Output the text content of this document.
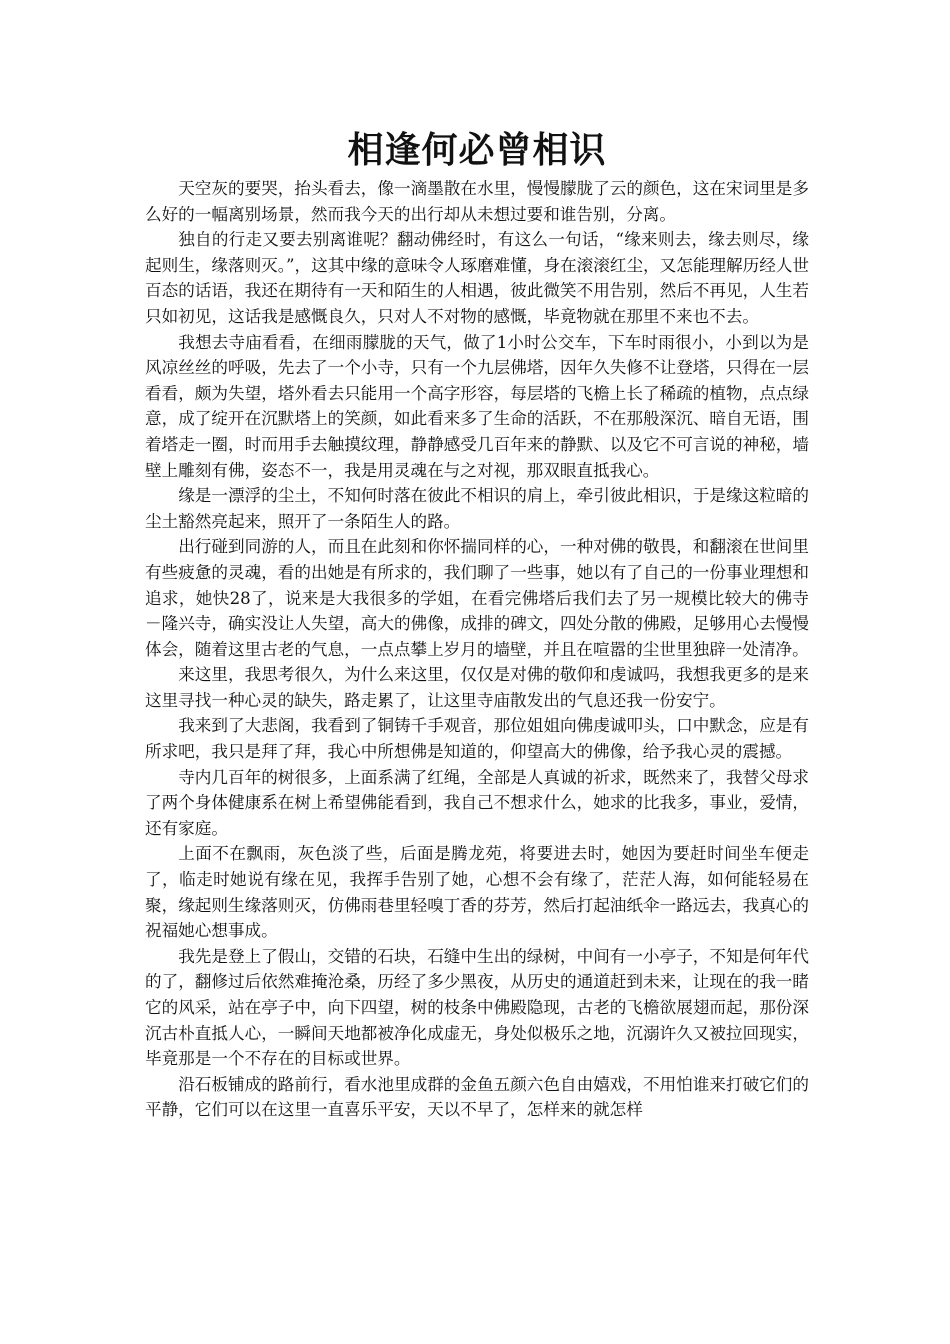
相逢何必曾相识

天空灰的要哭，抬头看去，像一滴墨散在水里，慢慢朦胧了云的颜色，这在宋词里是多么好的一幅离别场景，然而我今天的出行却从未想过要和谁告别，分离。

独自的行走又要去别离谁呢？翻动佛经时，有这么一句话，“缘来则去，缘去则尽，缘起则生，缘落则灭。”，这其中缘的意味令人琢磨难懂，身在滚滚红尘，又怎能理解历经人世百态的话语，我还在期待有一天和陌生的人相遇，彼此微笑不用告别，然后不再见，人生若只如初见，这话我是感慨良久，只对人不对物的感慨，毕竟物就在那里不来也不去。

我想去寺庙看看，在细雨朦胧的天气，做了1小时公交车，下车时雨很小，小到以为是风凉丝丝的呼吸，先去了一个小寺，只有一个九层佛塔，因年久失修不让登塔，只得在一层看看，颇为失望，塔外看去只能用一个高字形容，每层塔的飞檐上长了稀疏的植物，点点绿意，成了绽开在沉默塔上的笑颜，如此看来多了生命的活跃，不在那般深沉、暗自无语，围着塔走一圈，时而用手去触摸纹理，静静感受几百年来的静默、以及它不可言说的神秘，墙壁上雕刻有佛，姿态不一，我是用灵魂在与之对视，那双眼直抵我心。

缘是一漂浮的尘土，不知何时落在彼此不相识的肩上，牵引彼此相识，于是缘这粒暗的尘土豁然亮起来，照开了一条陌生人的路。

出行碰到同游的人，而且在此刻和你怀揣同样的心，一种对佛的敬畏，和翻滚在世间里有些疲惫的灵魂，看的出她是有所求的，我们聊了一些事，她以有了自己的一份事业理想和追求，她快28了，说来是大我很多的学姐，在看完佛塔后我们去了另一规模比较大的佛寺－隆兴寺，确实没让人失望，高大的佛像，成排的碑文，四处分散的佛殿，足够用心去慢慢体会，随着这里古老的气息，一点点攀上岁月的墙壁，并且在喧嚣的尘世里独辟一处清净。

来这里，我思考很久，为什么来这里，仅仅是对佛的敬仰和虔诚吗，我想我更多的是来这里寻找一种心灵的缺失，路走累了，让这里寺庙散发出的气息还我一份安宁。

我来到了大悲阁，我看到了铜铸千手观音，那位姐姐向佛虔诚叩头，口中默念，应是有所求吧，我只是拜了拜，我心中所想佛是知道的，仰望高大的佛像，给予我心灵的震撼。

寺内几百年的树很多，上面系满了红绳，全部是人真诚的祈求，既然来了，我替父母求了两个身体健康系在树上希望佛能看到，我自己不想求什么，她求的比我多，事业，爱情，还有家庭。

上面不在飘雨，灰色淡了些，后面是腾龙苑，将要进去时，她因为要赶时间坐车便走了，临走时她说有缘在见，我挥手告别了她，心想不会有缘了，茫茫人海，如何能轻易在聚，缘起则生缘落则灭，仿佛雨巷里轻嗅丁香的芬芳，然后打起油纸伞一路远去，我真心的祝福她心想事成。

我先是登上了假山，交错的石块，石缝中生出的绿树，中间有一小亭子，不知是何年代的了，翻修过后依然难掩沧桑，历经了多少黑夜，从历史的通道赶到未来，让现在的我一睹它的风采，站在亭子中，向下四望，树的枝条中佛殿隐现，古老的飞檐欲展翅而起，那份深沉古朴直抵人心，一瞬间天地都被净化成虚无，身处似极乐之地，沉溺许久又被拉回现实，毕竟那是一个不存在的目标或世界。

沿石板铺成的路前行，看水池里成群的金鱼五颜六色自由嬉戏，不用怕谁来打破它们的平静，它们可以在这里一直喜乐平安，天以不早了，怎样来的就怎样
